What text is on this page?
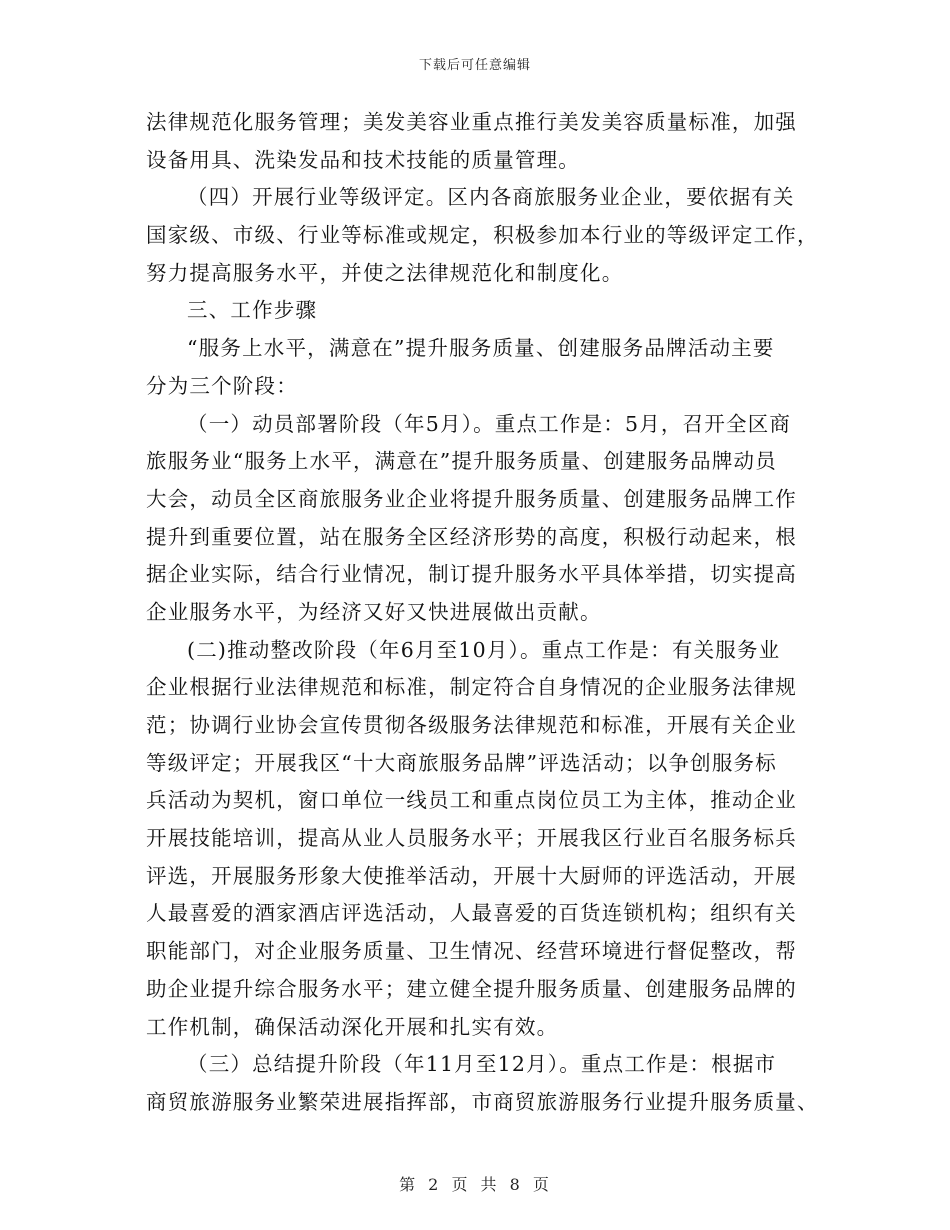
下载后可任意编辑
法律规范化服务管理；美发美容业重点推行美发美容质量标准，加强
设备用具、洗染发品和技术技能的质量管理。
（四）开展行业等级评定。区内各商旅服务业企业，要依据有关
国家级、市级、行业等标准或规定，积极参加本行业的等级评定工作，
努力提高服务水平，并使之法律规范化和制度化。
三、工作步骤
“服务上水平，满意在”提升服务质量、创建服务品牌活动主要
分为三个阶段：
（一）动员部署阶段（年5月）。重点工作是：5月，召开全区商
旅服务业“服务上水平，满意在”提升服务质量、创建服务品牌动员
大会，动员全区商旅服务业企业将提升服务质量、创建服务品牌工作
提升到重要位置，站在服务全区经济形势的高度，积极行动起来，根
据企业实际，结合行业情况，制订提升服务水平具体举措，切实提高
企业服务水平，为经济又好又快进展做出贡献。
(二)推动整改阶段（年6月至10月）。重点工作是：有关服务业
企业根据行业法律规范和标准，制定符合自身情况的企业服务法律规
范；协调行业协会宣传贯彻各级服务法律规范和标准，开展有关企业
等级评定；开展我区“十大商旅服务品牌”评选活动；以争创服务标
兵活动为契机，窗口单位一线员工和重点岗位员工为主体，推动企业
开展技能培训，提高从业人员服务水平；开展我区行业百名服务标兵
评选，开展服务形象大使推举活动，开展十大厨师的评选活动，开展
人最喜爱的酒家酒店评选活动，人最喜爱的百货连锁机构；组织有关
职能部门，对企业服务质量、卫生情况、经营环境进行督促整改，帮
助企业提升综合服务水平；建立健全提升服务质量、创建服务品牌的
工作机制，确保活动深化开展和扎实有效。
（三）总结提升阶段（年11月至12月）。重点工作是：根据市
商贸旅游服务业繁荣进展指挥部，市商贸旅游服务行业提升服务质量、
第 2 页 共 8 页
